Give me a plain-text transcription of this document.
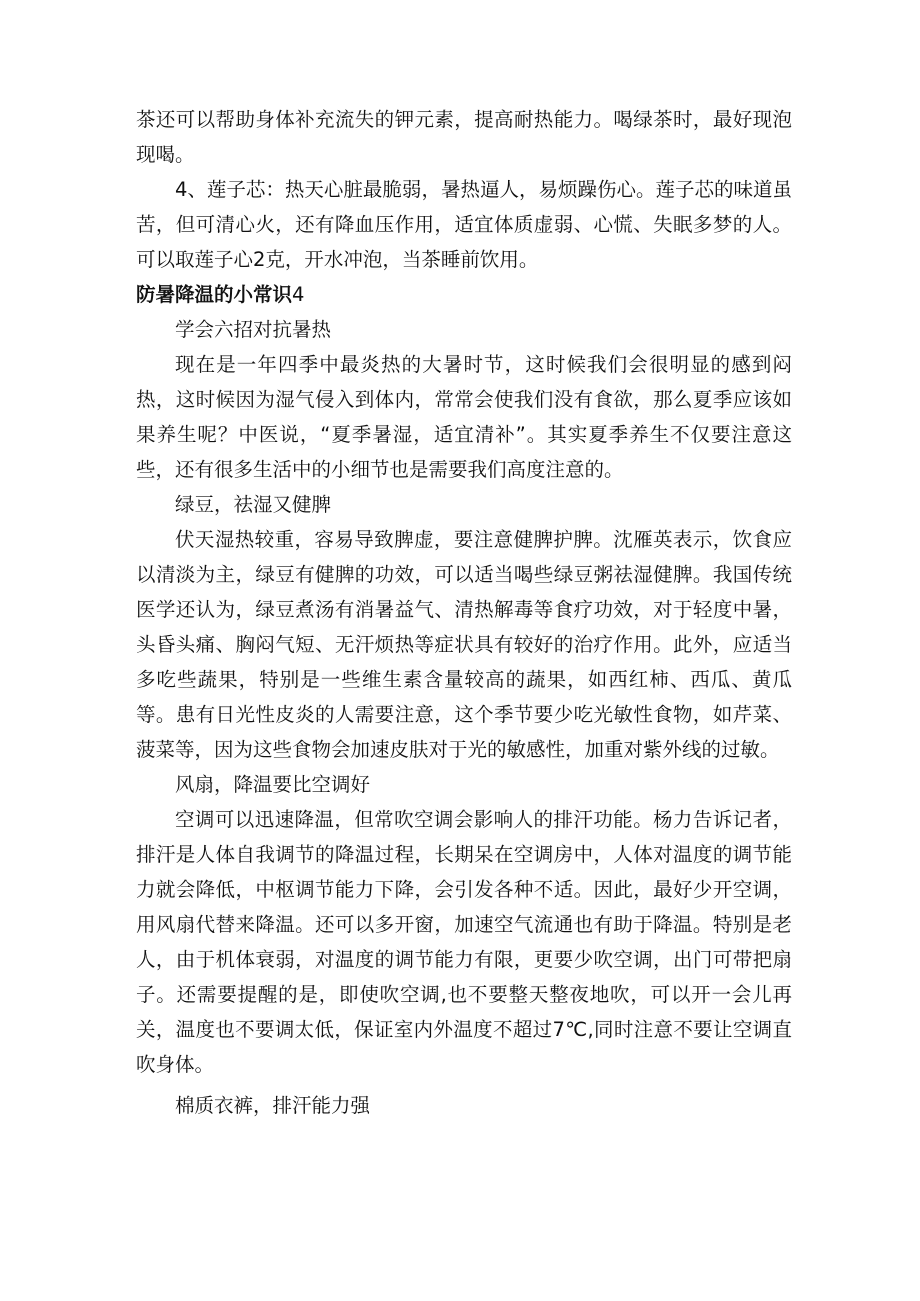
茶还可以帮助身体补充流失的钾元素，提高耐热能力。喝绿茶时，最好现泡现喝。

4、莲子芯：热天心脏最脆弱，暑热逼人，易烦躁伤心。莲子芯的味道虽苦，但可清心火，还有降血压作用，适宜体质虚弱、心慌、失眠多梦的人。可以取莲子心2克，开水冲泡，当茶睡前饮用。

防暑降温的小常识4

学会六招对抗暑热

现在是一年四季中最炎热的大暑时节，这时候我们会很明显的感到闷热，这时候因为湿气侵入到体内，常常会使我们没有食欲，那么夏季应该如果养生呢？中医说，“夏季暑湿，适宜清补”。其实夏季养生不仅要注意这些，还有很多生活中的小细节也是需要我们高度注意的。

绿豆，祛湿又健脾

伏天湿热较重，容易导致脾虚，要注意健脾护脾。沈雁英表示，饮食应以清淡为主，绿豆有健脾的功效，可以适当喝些绿豆粥祛湿健脾。我国传统医学还认为，绿豆煮汤有消暑益气、清热解毒等食疗功效，对于轻度中暑，头昏头痛、胸闷气短、无汗烦热等症状具有较好的治疗作用。此外，应适当多吃些蔬果，特别是一些维生素含量较高的蔬果，如西红柿、西瓜、黄瓜等。患有日光性皮炎的人需要注意，这个季节要少吃光敏性食物，如芹菜、菠菜等，因为这些食物会加速皮肤对于光的敏感性，加重对紫外线的过敏。

风扇，降温要比空调好

空调可以迅速降温，但常吹空调会影响人的排汗功能。杨力告诉记者，排汗是人体自我调节的降温过程，长期呆在空调房中，人体对温度的调节能力就会降低，中枢调节能力下降，会引发各种不适。因此，最好少开空调，用风扇代替来降温。还可以多开窗，加速空气流通也有助于降温。特别是老人，由于机体衰弱，对温度的调节能力有限，更要少吹空调，出门可带把扇子。还需要提醒的是，即使吹空调,也不要整天整夜地吹，可以开一会儿再关，温度也不要调太低，保证室内外温度不超过7℃,同时注意不要让空调直吹身体。

棉质衣裤，排汗能力强
